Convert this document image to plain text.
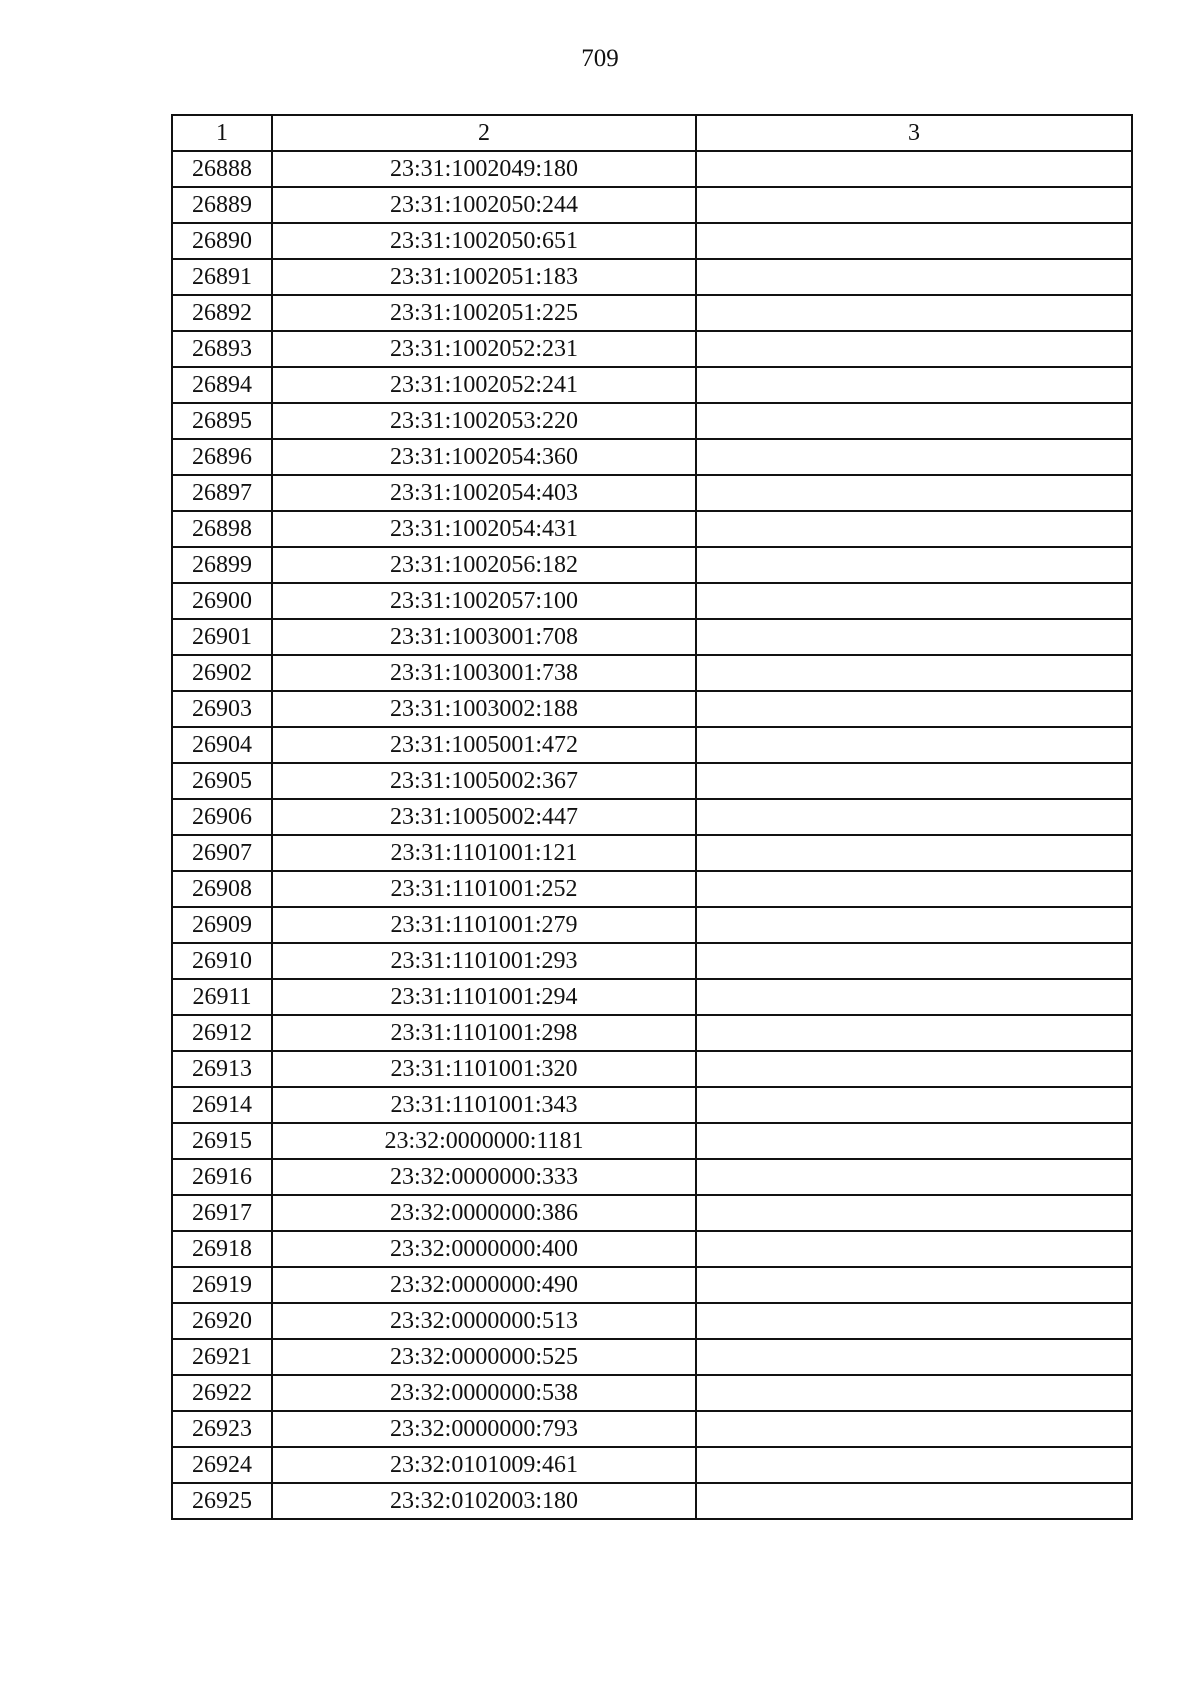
709
1	2	3
26888	23:31:1002049:180	
26889	23:31:1002050:244	
26890	23:31:1002050:651	
26891	23:31:1002051:183	
26892	23:31:1002051:225	
26893	23:31:1002052:231	
26894	23:31:1002052:241	
26895	23:31:1002053:220	
26896	23:31:1002054:360	
26897	23:31:1002054:403	
26898	23:31:1002054:431	
26899	23:31:1002056:182	
26900	23:31:1002057:100	
26901	23:31:1003001:708	
26902	23:31:1003001:738	
26903	23:31:1003002:188	
26904	23:31:1005001:472	
26905	23:31:1005002:367	
26906	23:31:1005002:447	
26907	23:31:1101001:121	
26908	23:31:1101001:252	
26909	23:31:1101001:279	
26910	23:31:1101001:293	
26911	23:31:1101001:294	
26912	23:31:1101001:298	
26913	23:31:1101001:320	
26914	23:31:1101001:343	
26915	23:32:0000000:1181	
26916	23:32:0000000:333	
26917	23:32:0000000:386	
26918	23:32:0000000:400	
26919	23:32:0000000:490	
26920	23:32:0000000:513	
26921	23:32:0000000:525	
26922	23:32:0000000:538	
26923	23:32:0000000:793	
26924	23:32:0101009:461	
26925	23:32:0102003:180	
